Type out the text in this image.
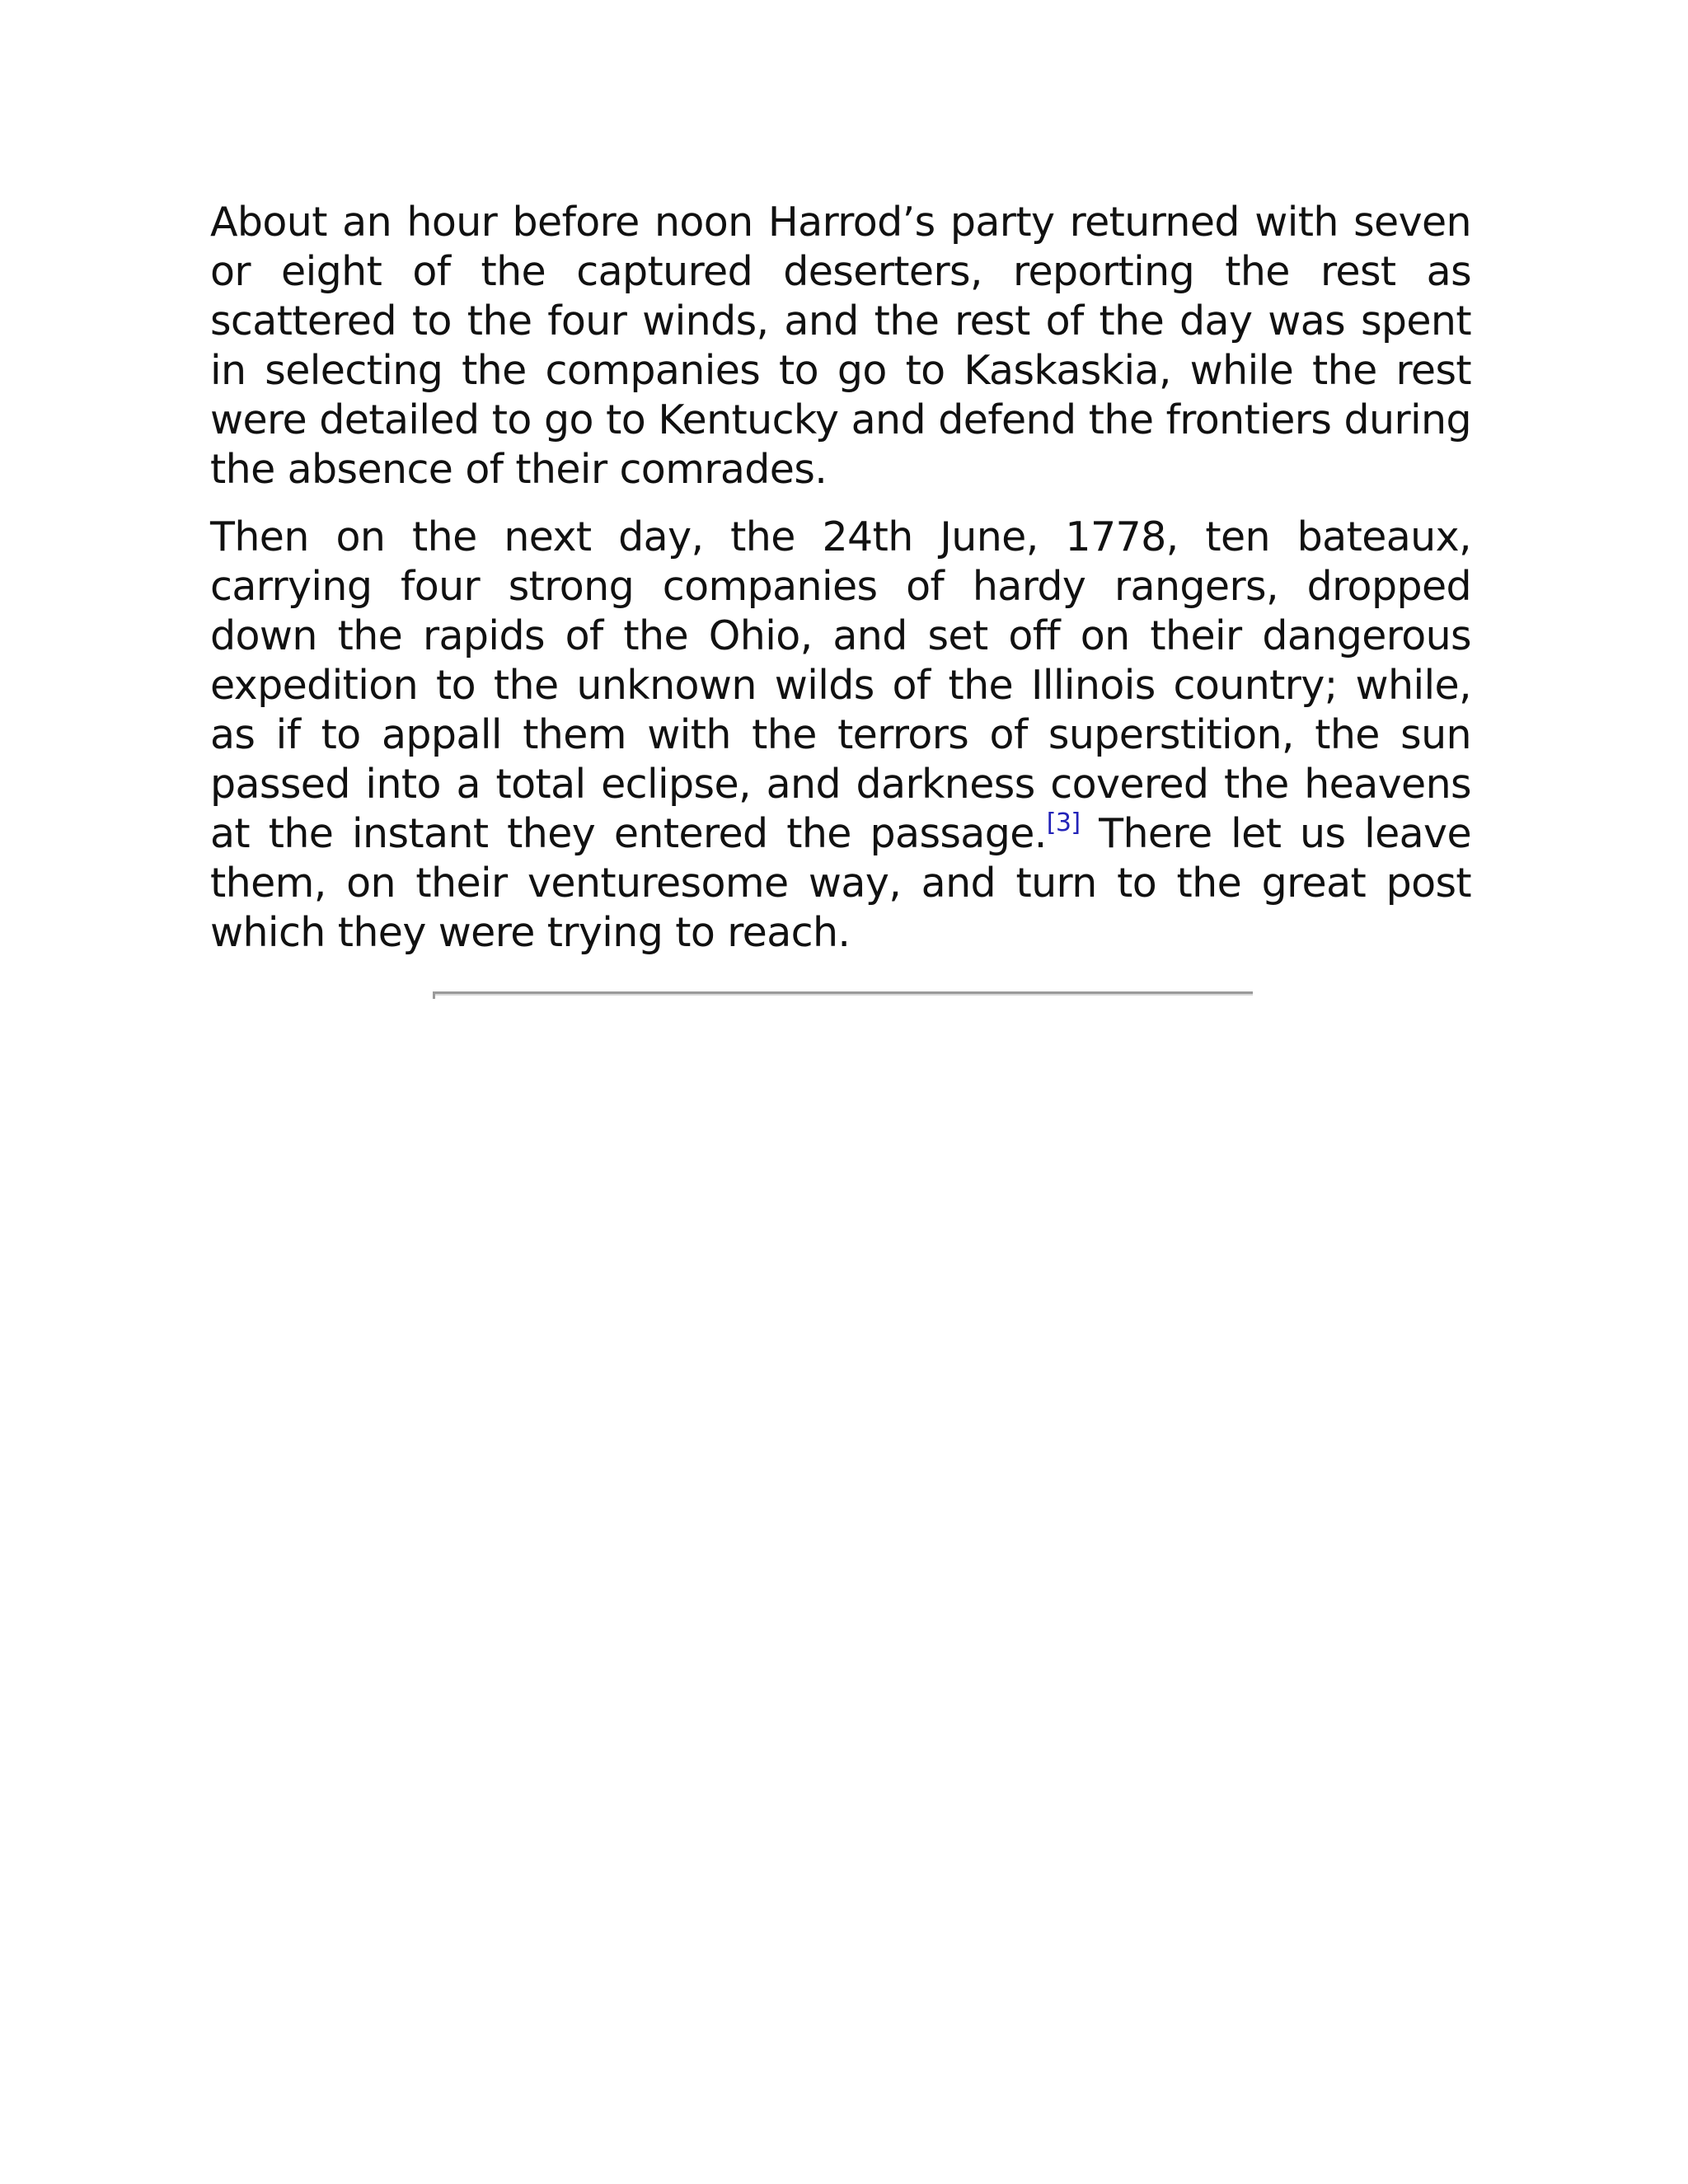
About an hour before noon Harrod’s party returned with seven or eight of the captured deserters, reporting the rest as scattered to the four winds, and the rest of the day was spent in selecting the companies to go to Kaskaskia, while the rest were detailed to go to Kentucky and defend the frontiers during the absence of their comrades.

Then on the next day, the 24th June, 1778, ten bateaux, carrying four strong companies of hardy rangers, dropped down the rapids of the Ohio, and set off on their dangerous expedition to the unknown wilds of the Illinois country; while, as if to appall them with the terrors of superstition, the sun passed into a total eclipse, and darkness covered the heavens at the instant they entered the passage.[3] There let us leave them, on their venturesome way, and turn to the great post which they were trying to reach.
